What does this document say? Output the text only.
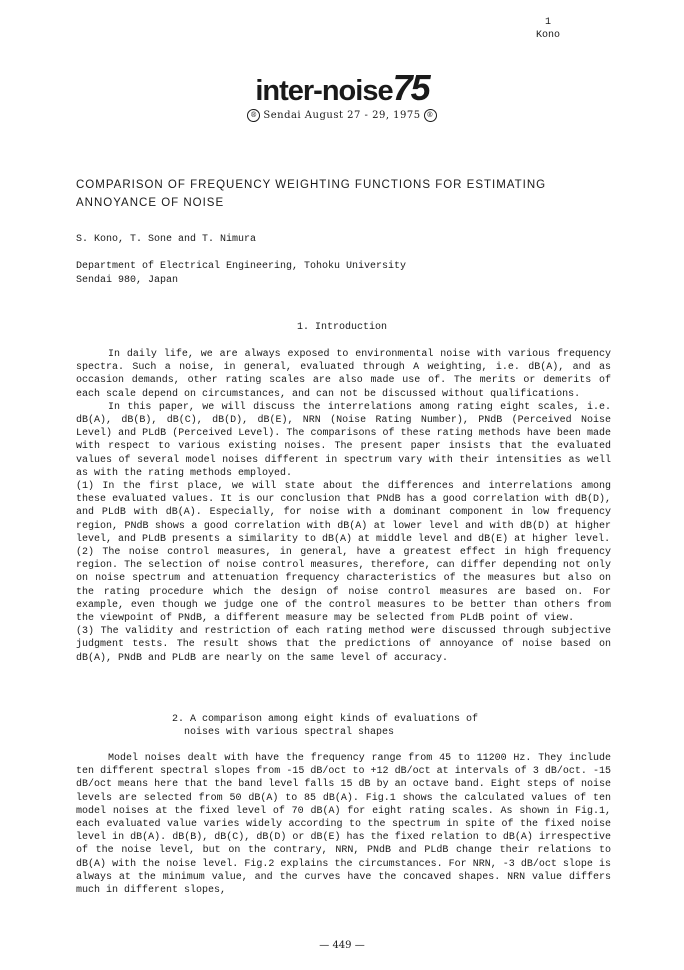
1
Kono
inter-noise75
® Sendai August 27 - 29, 1975 ®
COMPARISON OF FREQUENCY WEIGHTING FUNCTIONS FOR ESTIMATING
ANNOYANCE OF NOISE
S. Kono, T. Sone and T. Nimura
Department of Electrical Engineering, Tohoku University
Sendai 980, Japan
1. Introduction

In daily life, we are always exposed to environmental noise with various frequency spectra. Such a noise, in general, evaluated through A weighting, i.e. dB(A), and as occasion demands, other rating scales are also made use of. The merits or demerits of each scale depend on circumstances, and can not be discussed without qualifications.

In this paper, we will discuss the interrelations among rating eight scales, i.e. dB(A), dB(B), dB(C), dB(D), dB(E), NRN (Noise Rating Number), PNdB (Perceived Noise Level) and PLdB (Perceived Level). The comparisons of these rating methods have been made with respect to various existing noises. The present paper insists that the evaluated values of several model noises different in spectrum vary with their intensities as well as with the rating methods employed.

(1) In the first place, we will state about the differences and interrelations among these evaluated values. It is our conclusion that PNdB has a good correlation with dB(D), and PLdB with dB(A). Especially, for noise with a dominant component in low frequency region, PNdB shows a good correlation with dB(A) at lower level and with dB(D) at higher level, and PLdB presents a similarity to dB(A) at middle level and dB(E) at higher level.

(2) The noise control measures, in general, have a greatest effect in high frequency region. The selection of noise control measures, therefore, can differ depending not only on noise spectrum and attenuation frequency characteristics of the measures but also on the rating procedure which the design of noise control measures are based on. For example, even though we judge one of the control measures to be better than others from the viewpoint of PNdB, a different measure may be selected from PLdB point of view.

(3) The validity and restriction of each rating method were discussed through subjective judgment tests. The result shows that the predictions of annoyance of noise based on dB(A), PNdB and PLdB are nearly on the same level of accuracy.

2. A comparison among eight kinds of evaluations of
noises with various spectral shapes

Model noises dealt with have the frequency range from 45 to 11200 Hz. They include ten different spectral slopes from -15 dB/oct to +12 dB/oct at intervals of 3 dB/oct. -15 dB/oct means here that the band level falls 15 dB by an octave band. Eight steps of noise levels are selected from 50 dB(A) to 85 dB(A). Fig.1 shows the calculated values of ten model noises at the fixed level of 70 dB(A) for eight rating scales. As shown in Fig.1, each evaluated value varies widely according to the spectrum in spite of the fixed noise level in dB(A). dB(B), dB(C), dB(D) or dB(E) has the fixed relation to dB(A) irrespective of the noise level, but on the contrary, NRN, PNdB and PLdB change their relations to dB(A) with the noise level. Fig.2 explains the circumstances. For NRN, -3 dB/oct slope is always at the minimum value, and the curves have the concaved shapes. NRN value differs much in different slopes,

— 449 —
